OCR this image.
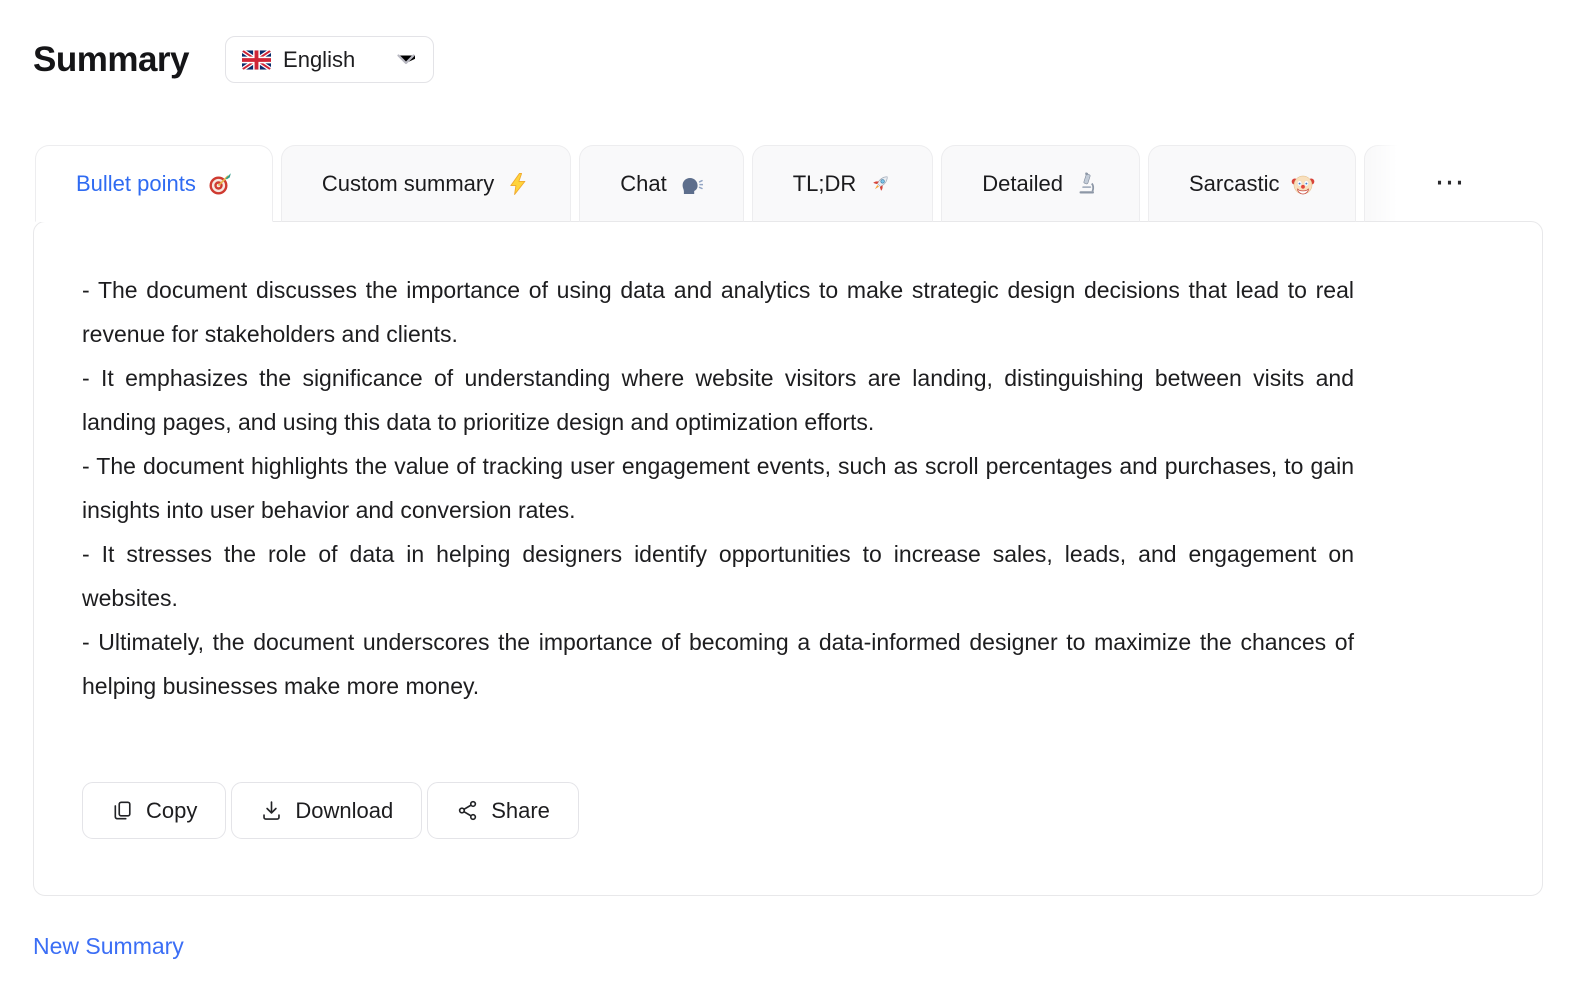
Summary	English
Bullet points	Custom summary	Chat	TL;DR	Detailed	Sarcastic	⋯

- The document discusses the importance of using data and analytics to make strategic design decisions that lead to real revenue for stakeholders and clients.

- It emphasizes the significance of understanding where website visitors are landing, distinguishing between visits and landing pages, and using this data to prioritize design and optimization efforts.

- The document highlights the value of tracking user engagement events, such as scroll percentages and purchases, to gain insights into user behavior and conversion rates.

- It stresses the role of data in helping designers identify opportunities to increase sales, leads, and engagement on websites.

- Ultimately, the document underscores the importance of becoming a data-informed designer to maximize the chances of helping businesses make more money.

Copy	Download	Share
New Summary
